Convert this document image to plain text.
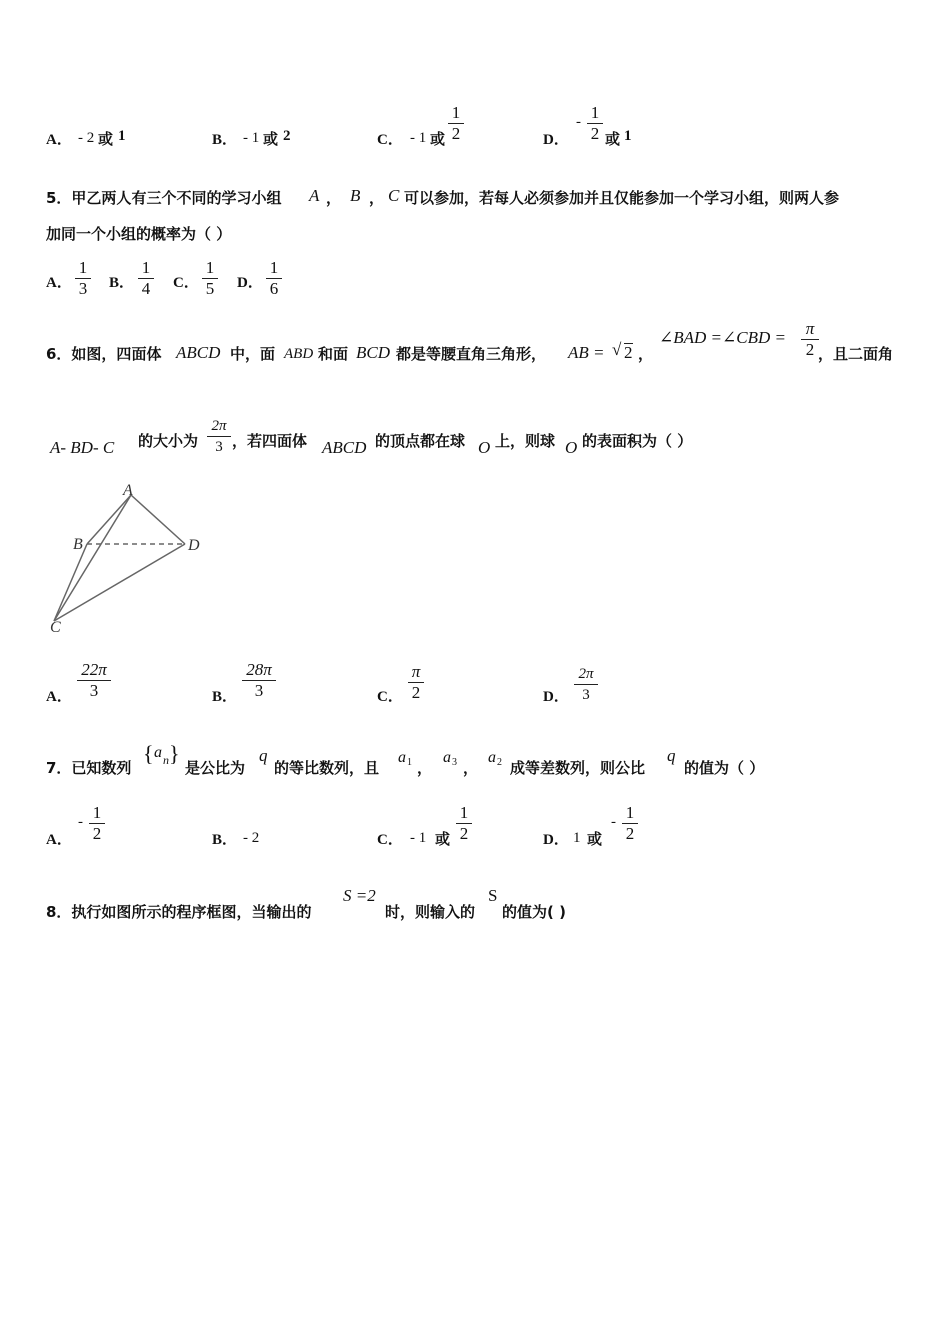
A． - 2 或 1	B． - 1 或 2	C． - 1 或 $\frac{1}{2}$	D．
- $\frac{1}{2}$ 或 1
5．甲乙两人有三个不同的学习小组 A ， B ， C 可以参加，若每人必须参加并且仅能参加一个学习小组，则两人参
加同一个小组的概率为（ ）
A． $\frac{1}{3}$ B． $\frac{1}{4}$ C． $\frac{1}{5}$ D． $\frac{1}{6}$
6．如图，四面体 ABCD 中，面 ABD 和面 BCD 都是等腰直角三角形， AB = √ 2 ，
∠BAD =∠CBD = $\frac{\pi}{2}$ ，且二面角
A- BD- C 的大小为 $\frac{2\pi}{3}$ ，若四面体 ABCD 的顶点都在球 O 上，则球 O 的表面积为（ ）
A
B	D
C
A． $\frac{22\pi}{3}$	B． $\frac{28\pi}{3}$	C． $\frac{\pi}{2}$	D． $\frac{2\pi}{3}$
7．已知数列
{ a n }
是公比为
q
的等比数列，且
a 1 ，
a 3 ，
a 2 成等差数列，则公比
q
的值为（ ）
A．
- $\frac{1}{2}$	B． - 2	C． - 1 或 $\frac{1}{2}$	D． 1 或
- $\frac{1}{2}$
8．执行如图所示的程序框图，当输出的
S =2
时，则输入的
S
的值为( )
